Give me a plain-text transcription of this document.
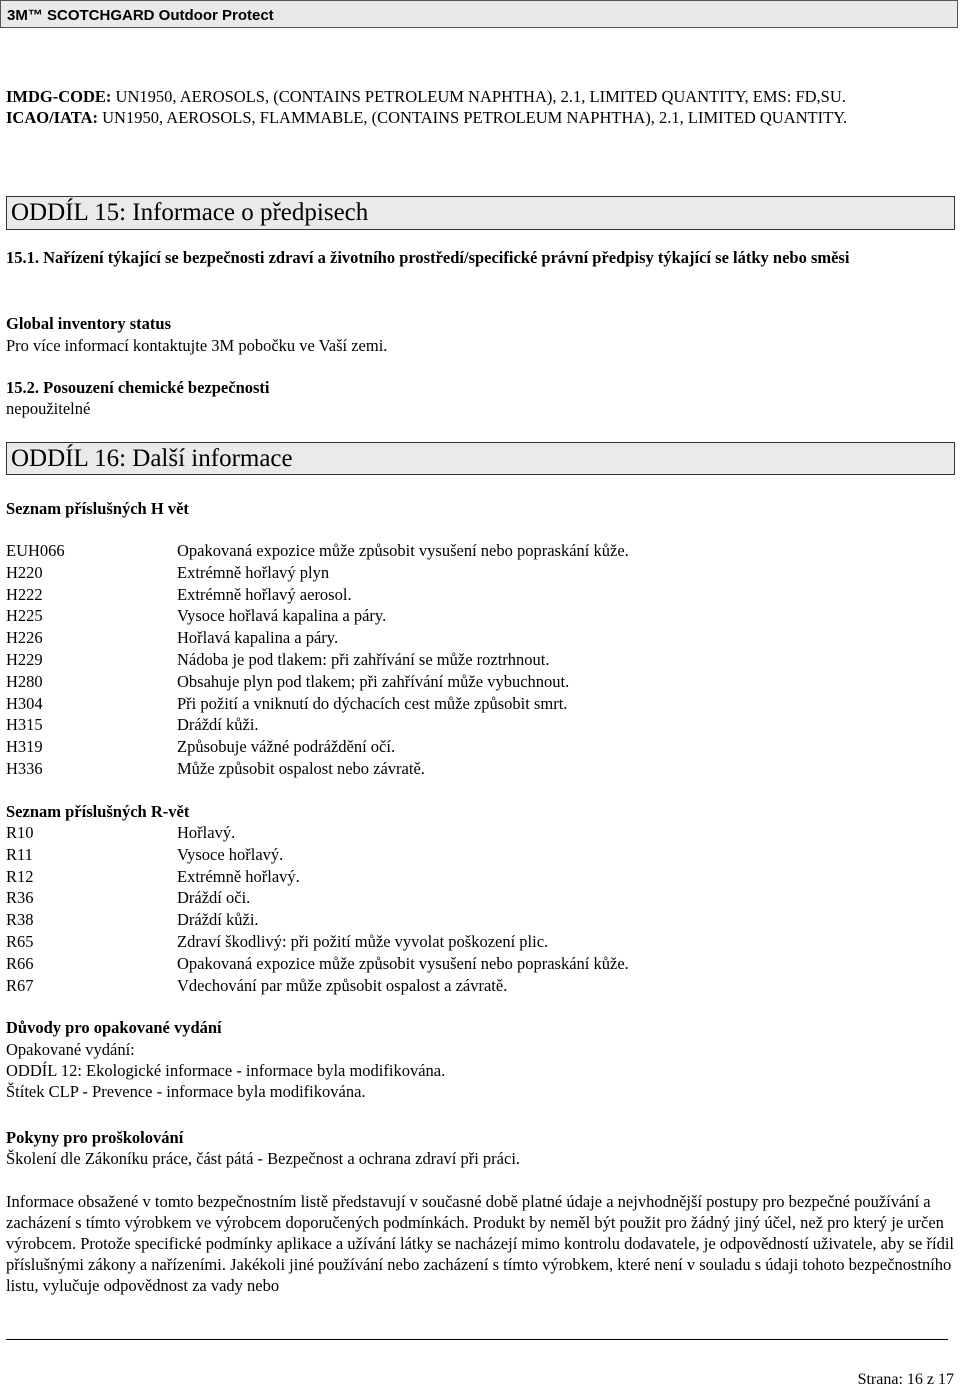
3M™ SCOTCHGARD Outdoor Protect
IMDG-CODE: UN1950, AEROSOLS, (CONTAINS PETROLEUM NAPHTHA), 2.1, LIMITED QUANTITY, EMS: FD,SU.
ICAO/IATA: UN1950, AEROSOLS, FLAMMABLE, (CONTAINS PETROLEUM NAPHTHA), 2.1, LIMITED QUANTITY.
ODDÍL 15: Informace o předpisech
15.1. Nařízení týkající se bezpečnosti zdraví a životního prostředí/specifické právní předpisy týkající se látky nebo směsi
Global inventory status
Pro více informací kontaktujte 3M pobočku ve Vaší zemi.
15.2. Posouzení chemické bezpečnosti
nepoužitelné
ODDÍL 16: Další informace
Seznam příslušných H vět
EUH066	Opakovaná expozice může způsobit vysušení nebo popraskání kůže.
H220	Extrémně hořlavý plyn
H222	Extrémně hořlavý aerosol.
H225	Vysoce hořlavá kapalina a páry.
H226	Hořlavá kapalina a páry.
H229	Nádoba je pod tlakem: při zahřívání se může roztrhnout.
H280	Obsahuje plyn pod tlakem; při zahřívání může vybuchnout.
H304	Při požití a vniknutí do dýchacích cest může způsobit smrt.
H315	Dráždí kůži.
H319	Způsobuje vážné podráždění očí.
H336	Může způsobit ospalost nebo závratě.
Seznam příslušných R-vět
R10	Hořlavý.
R11	Vysoce hořlavý.
R12	Extrémně hořlavý.
R36	Dráždí oči.
R38	Dráždí kůži.
R65	Zdraví škodlivý: při požití může vyvolat poškození plic.
R66	Opakovaná expozice může způsobit vysušení nebo popraskání kůže.
R67	Vdechování par může způsobit ospalost a závratě.
Důvody pro opakované vydání
Opakované vydání:
ODDÍL 12: Ekologické informace - informace byla modifikována.
Štítek CLP - Prevence - informace byla modifikována.
Pokyny pro proškolování
Školení dle Zákoníku práce, část pátá - Bezpečnost a ochrana zdraví při práci.
Informace obsažené v tomto bezpečnostním listě představují v současné době platné údaje a nejvhodnější postupy pro bezpečné používání a zacházení s tímto výrobkem ve výrobcem doporučených podmínkách. Produkt by neměl být použit pro žádný jiný účel, než pro který je určen výrobcem. Protože specifické podmínky aplikace a užívání látky se nacházejí mimo kontrolu dodavatele, je odpovědností uživatele, aby se řídil příslušnými zákony a nařízeními. Jakékoli jiné používání nebo zacházení s tímto výrobkem, které není v souladu s údaji tohoto bezpečnostního listu, vylučuje odpovědnost za vady nebo
Strana: 16 z 17
